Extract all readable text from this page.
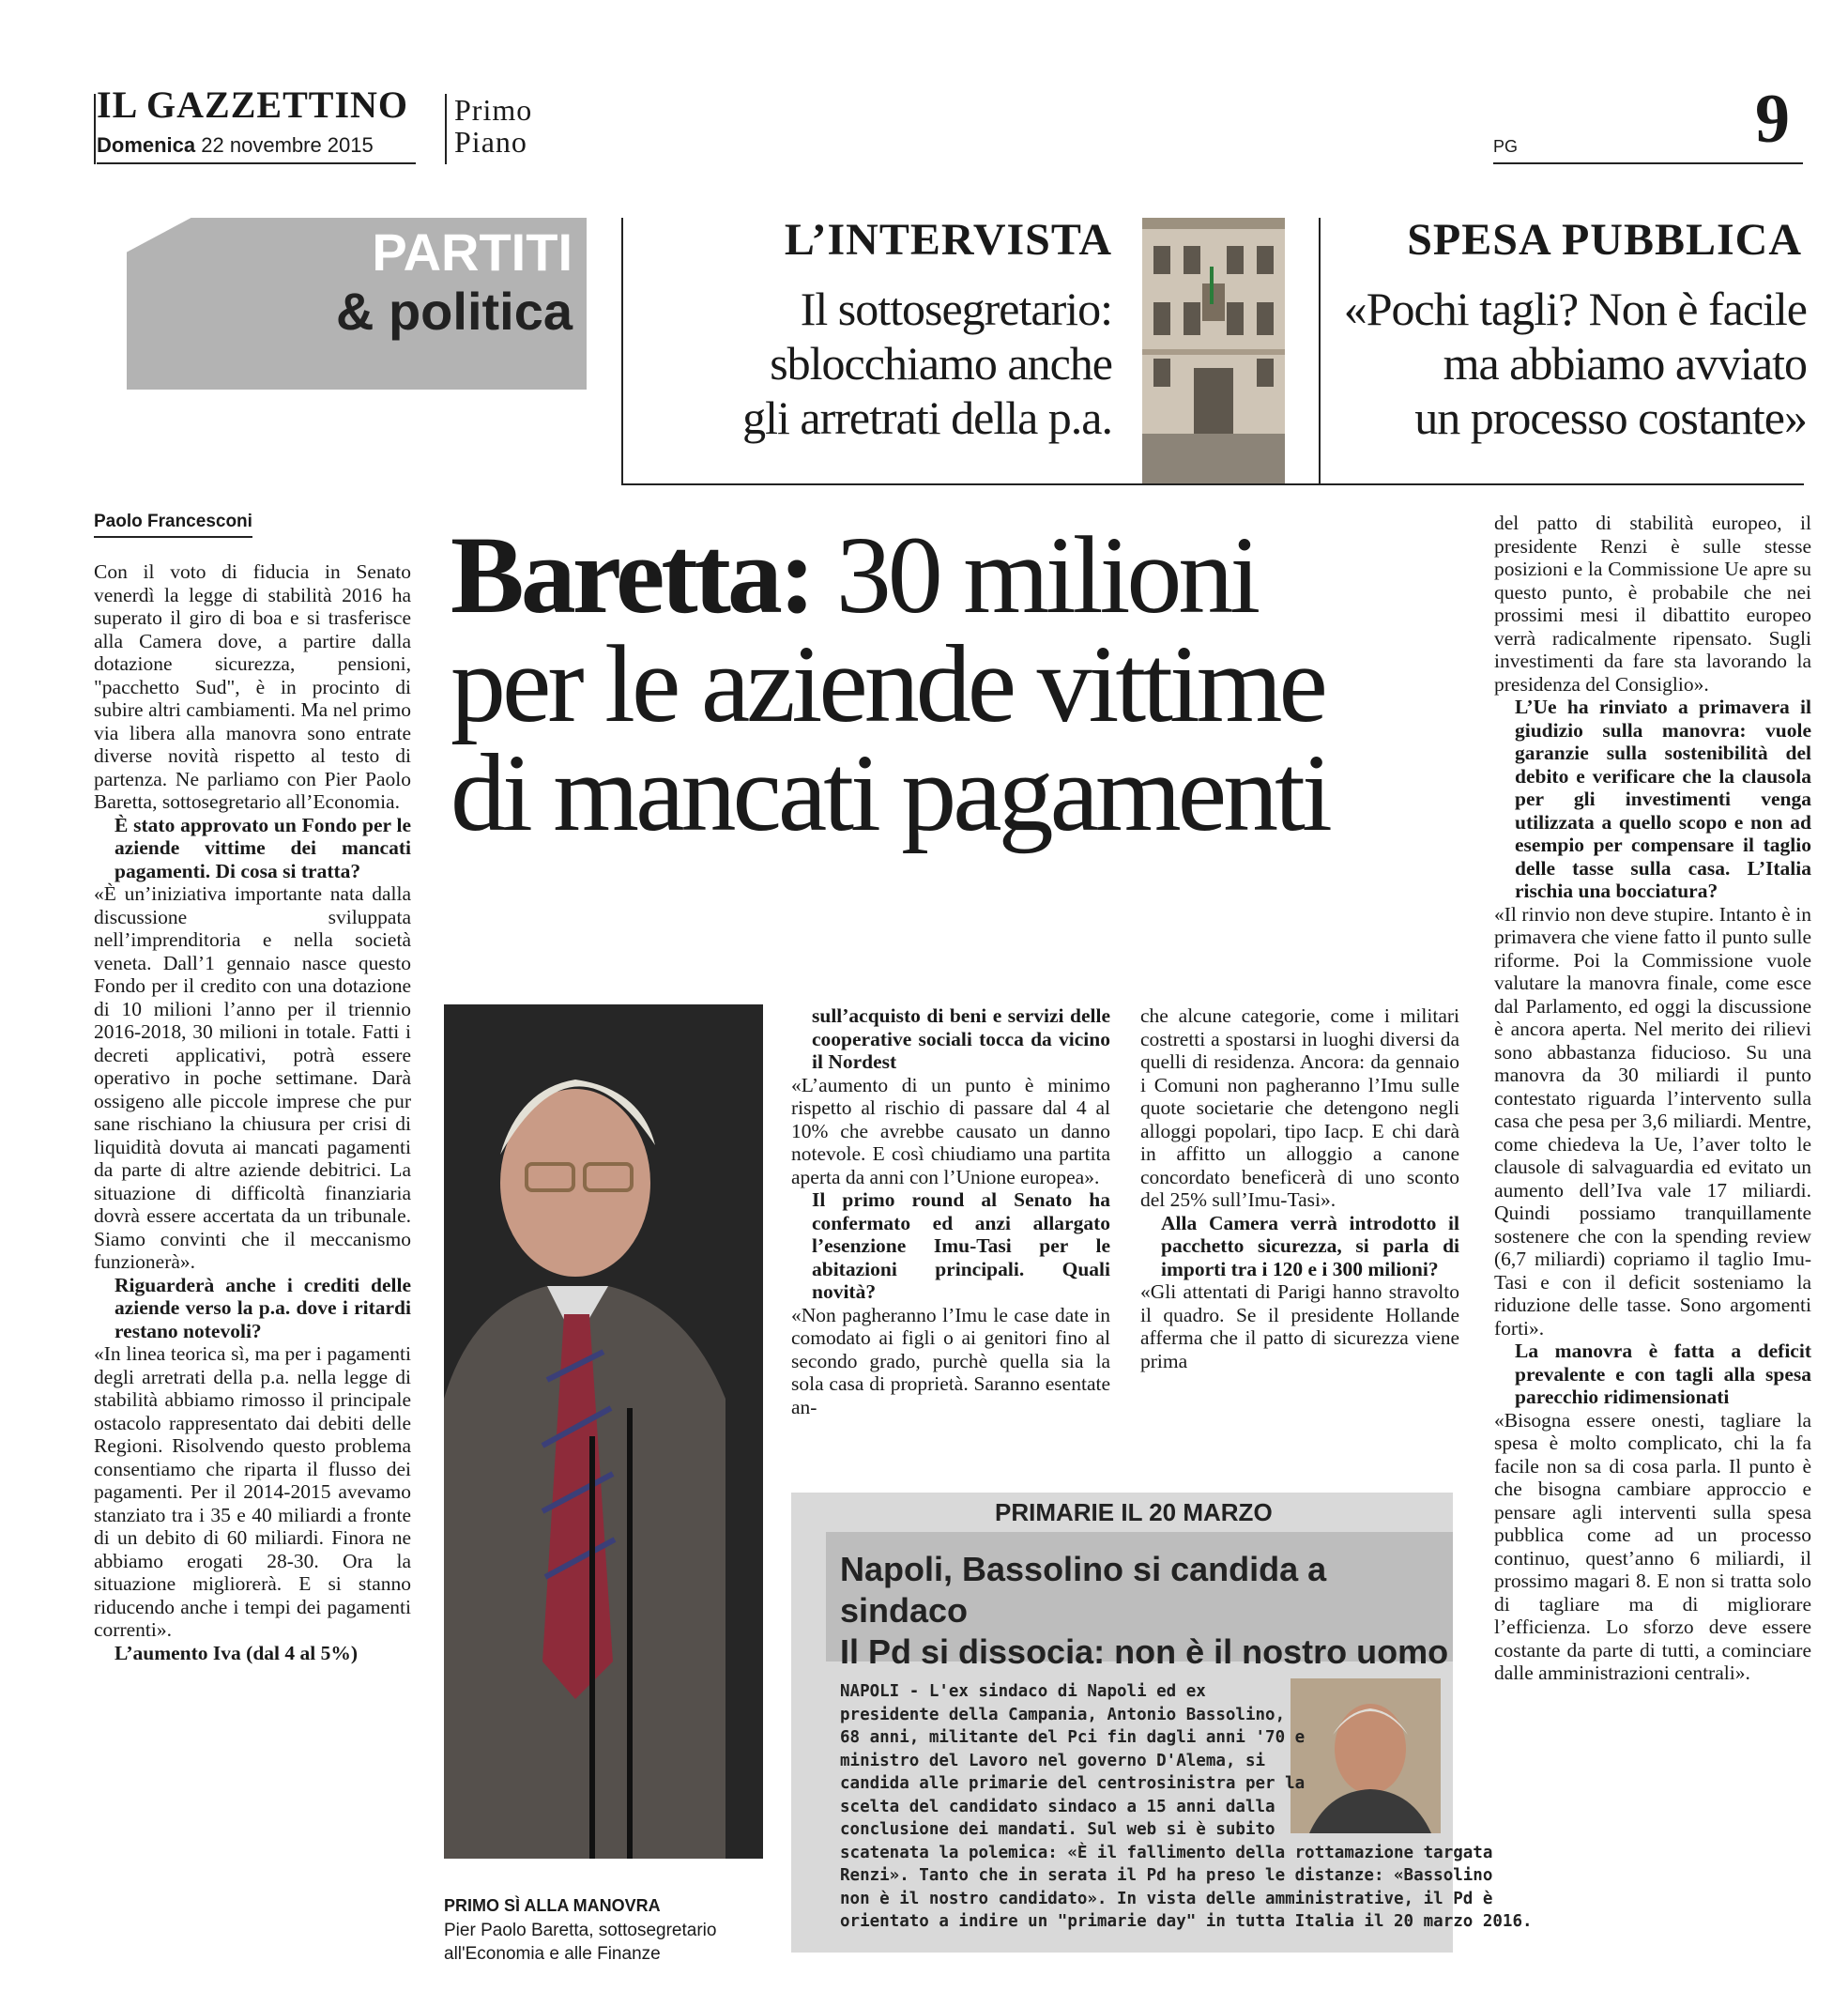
IL GAZZETTINO
Domenica 22 novembre 2015
Primo
Piano	PG	9
PARTITI
& politica
L’INTERVISTA
Il sottosegretario:
sblocchiamo anche
gli arretrati della p.a.
SPESA PUBBLICA
«Pochi tagli? Non è facile
ma abbiamo avviato
un processo costante»
Baretta: 30 milioni
per le aziende vittime
di mancati pagamenti
Paolo Francesconi

Con il voto di fiducia in Senato venerdì la legge di stabilità 2016 ha superato il giro di boa e si trasferisce alla Camera dove, a partire dalla dotazione sicurezza, pensioni, "pacchetto Sud", è in procinto di subire altri cambiamenti. Ma nel primo via libera alla manovra sono entrate diverse novità rispetto al testo di partenza. Ne parliamo con Pier Paolo Baretta, sottosegretario all’Economia.

È stato approvato un Fondo per le aziende vittime dei mancati pagamenti. Di cosa si tratta?

«È un’iniziativa importante nata dalla discussione sviluppata nell’imprenditoria e nella società veneta. Dall’1 gennaio nasce questo Fondo per il credito con una dotazione di 10 milioni l’anno per il triennio 2016-2018, 30 milioni in totale. Fatti i decreti applicativi, potrà essere operativo in poche settimane. Darà ossigeno alle piccole imprese che pur sane rischiano la chiusura per crisi di liquidità dovuta ai mancati pagamenti da parte di altre aziende debitrici. La situazione di difficoltà finanziaria dovrà essere accertata da un tribunale. Siamo convinti che il meccanismo funzionerà».

Riguarderà anche i crediti delle aziende verso la p.a. dove i ritardi restano notevoli?

«In linea teorica sì, ma per i pagamenti degli arretrati della p.a. nella legge di stabilità abbiamo rimosso il principale ostacolo rappresentato dai debiti delle Regioni. Risolvendo questo problema consentiamo che riparta il flusso dei pagamenti. Per il 2014-2015 avevamo stanziato tra i 35 e 40 miliardi a fronte di un debito di 60 miliardi. Finora ne abbiamo erogati 28-30. Ora la situazione migliorerà. E si stanno riducendo anche i tempi dei pagamenti correnti».

L’aumento Iva (dal 4 al 5%)

PRIMO SÌ ALLA MANOVRA
Pier Paolo Baretta, sottosegretario all'Economia e alle Finanze

sull’acquisto di beni e servizi delle cooperative sociali tocca da vicino il Nordest

«L’aumento di un punto è minimo rispetto al rischio di passare dal 4 al 10% che avrebbe causato un danno notevole. E così chiudiamo una partita aperta da anni con l’Unione europea».

Il primo round al Senato ha confermato ed anzi allargato l’esenzione Imu-Tasi per le abitazioni principali. Quali novità?

«Non pagheranno l’Imu le case date in comodato ai figli o ai genitori fino al secondo grado, purchè quella sia la sola casa di proprietà. Saranno esentate an-

che alcune categorie, come i militari costretti a spostarsi in luoghi diversi da quelli di residenza. Ancora: da gennaio i Comuni non pagheranno l’Imu sulle quote societarie che detengono negli alloggi popolari, tipo Iacp. E chi darà in affitto un alloggio a canone concordato beneficerà di uno sconto del 25% sull’Imu-Tasi».

Alla Camera verrà introdotto il pacchetto sicurezza, si parla di importi tra i 120 e i 300 milioni?

«Gli attentati di Parigi hanno stravolto il quadro. Se il presidente Hollande afferma che il patto di sicurezza viene prima

del patto di stabilità europeo, il presidente Renzi è sulle stesse posizioni e la Commissione Ue apre su questo punto, è probabile che nei prossimi mesi il dibattito europeo verrà radicalmente ripensato. Sugli investimenti da fare sta lavorando la presidenza del Consiglio».

L’Ue ha rinviato a primavera il giudizio sulla manovra: vuole garanzie sulla sostenibilità del debito e verificare che la clausola per gli investimenti venga utilizzata a quello scopo e non ad esempio per compensare il taglio delle tasse sulla casa. L’Italia rischia una bocciatura?

«Il rinvio non deve stupire. Intanto è in primavera che viene fatto il punto sulle riforme. Poi la Commissione vuole valutare la manovra finale, come esce dal Parlamento, ed oggi la discussione è ancora aperta. Nel merito dei rilievi sono abbastanza fiducioso. Su una manovra da 30 miliardi il punto contestato riguarda l’intervento sulla casa che pesa per 3,6 miliardi. Mentre, come chiedeva la Ue, l’aver tolto le clausole di salvaguardia ed evitato un aumento dell’Iva vale 17 miliardi. Quindi possiamo tranquillamente sostenere che con la spending review (6,7 miliardi) copriamo il taglio Imu-Tasi e con il deficit sosteniamo la riduzione delle tasse. Sono argomenti forti».

La manovra è fatta a deficit prevalente e con tagli alla spesa parecchio ridimensionati

«Bisogna essere onesti, tagliare la spesa è molto complicato, chi la fa facile non sa di cosa parla. Il punto è che bisogna cambiare approccio e pensare agli interventi sulla spesa pubblica come ad un processo continuo, quest’anno 6 miliardi, il prossimo magari 8. E non si tratta solo di tagliare ma di migliorare l’efficienza. Lo sforzo deve essere costante da parte di tutti, a cominciare dalle amministrazioni centrali».

PRIMARIE IL 20 MARZO
Napoli, Bassolino si candida a sindaco
Il Pd si dissocia: non è il nostro uomo
NAPOLI - L'ex sindaco di Napoli ed ex
presidente della Campania, Antonio Bassolino,
68 anni, militante del Pci fin dagli anni '70 e
ministro del Lavoro nel governo D'Alema, si
candida alle primarie del centrosinistra per la
scelta del candidato sindaco a 15 anni dalla
conclusione dei mandati. Sul web si è subito
scatenata la polemica: «È il fallimento della rottamazione targata
Renzi». Tanto che in serata il Pd ha preso le distanze: «Bassolino
non è il nostro candidato». In vista delle amministrative, il Pd è
orientato a indire un "primarie day" in tutta Italia il 20 marzo 2016.
